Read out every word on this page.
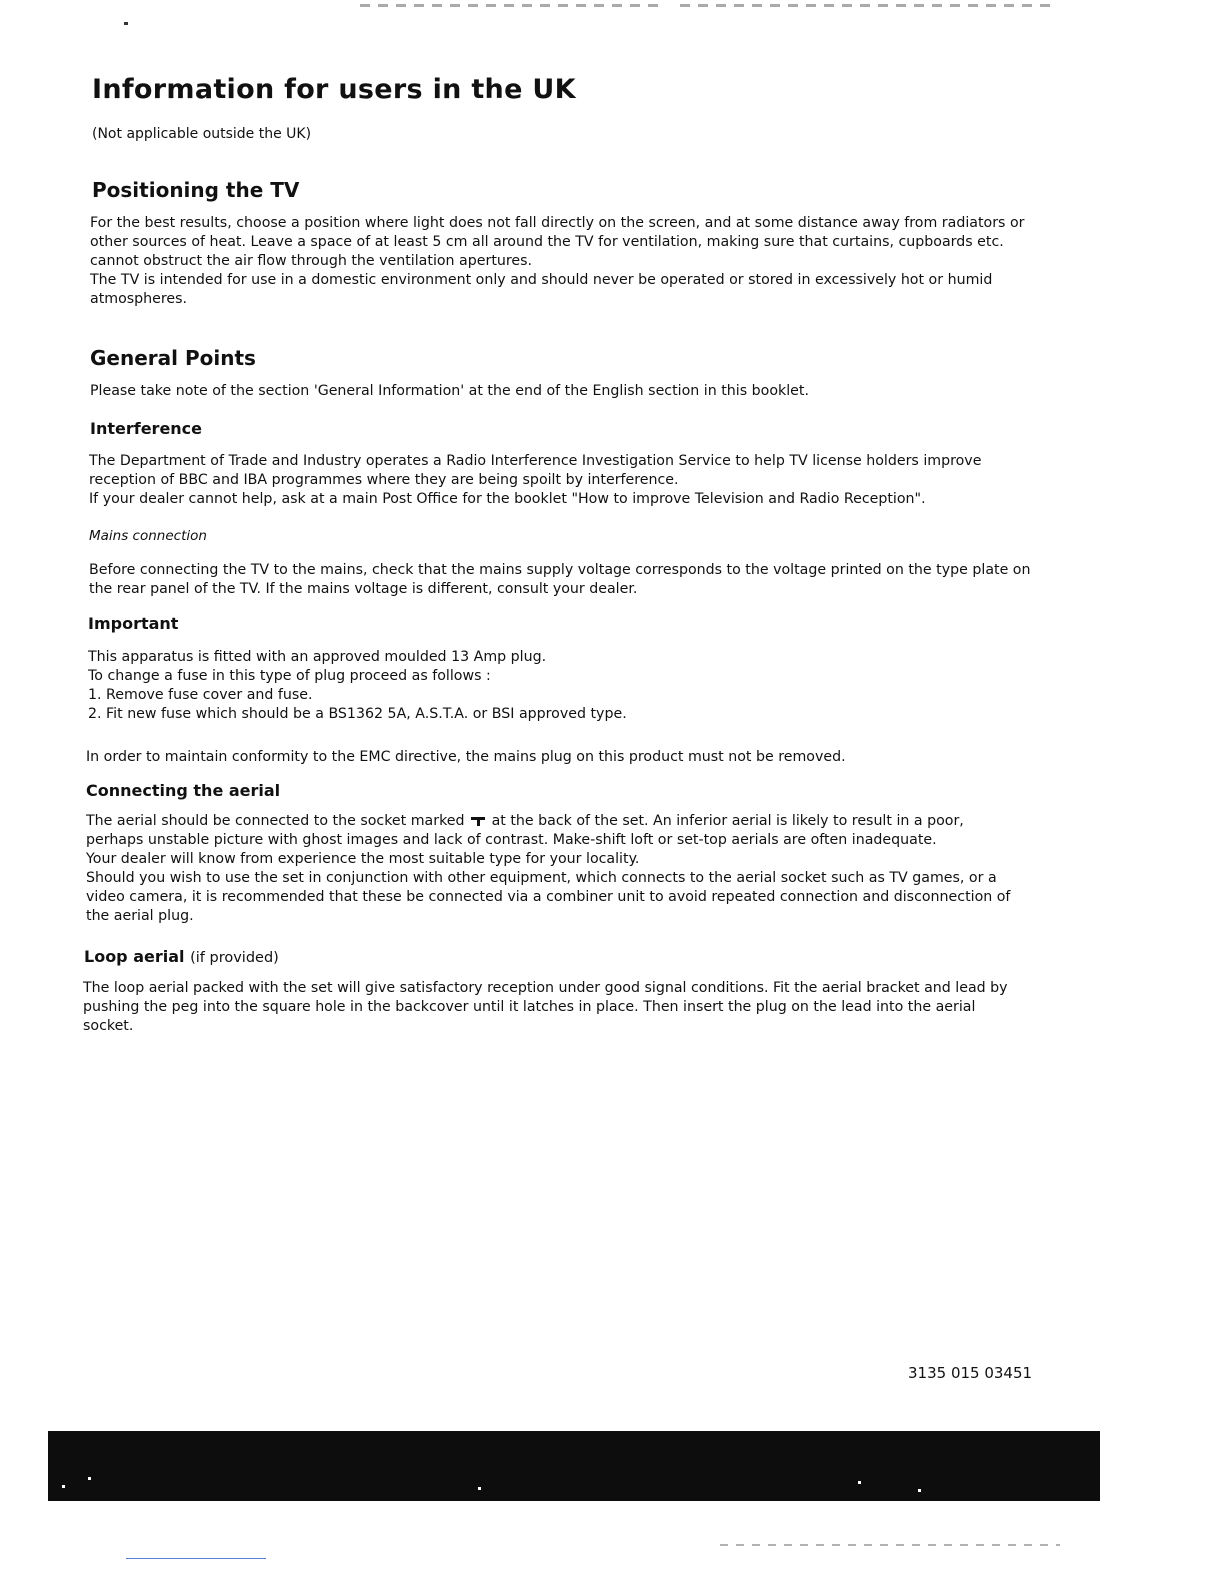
Information for users in the UK
(Not applicable outside the UK)
Positioning the TV
For the best results, choose a position where light does not fall directly on the screen, and at some distance away from radiators or
other sources of heat. Leave a space of at least 5 cm all around the TV for ventilation, making sure that curtains, cupboards etc.
cannot obstruct the air flow through the ventilation apertures.
The TV is intended for use in a domestic environment only and should never be operated or stored in excessively hot or humid
atmospheres.
General Points
Please take note of the section 'General Information' at the end of the English section in this booklet.
Interference
The Department of Trade and Industry operates a Radio Interference Investigation Service to help TV license holders improve
reception of BBC and IBA programmes where they are being spoilt by interference.
If your dealer cannot help, ask at a main Post Office for the booklet "How to improve Television and Radio Reception".
Mains connection
Before connecting the TV to the mains, check that the mains supply voltage corresponds to the voltage printed on the type plate on
the rear panel of the TV. If the mains voltage is different, consult your dealer.
Important
This apparatus is fitted with an approved moulded 13 Amp plug.
To change a fuse in this type of plug proceed as follows :
1. Remove fuse cover and fuse.
2. Fit new fuse which should be a BS1362 5A, A.S.T.A. or BSI approved type.
In order to maintain conformity to the EMC directive, the mains plug on this product must not be removed.
Connecting the aerial
The aerial should be connected to the socket marked at the back of the set. An inferior aerial is likely to result in a poor,
perhaps unstable picture with ghost images and lack of contrast. Make-shift loft or set-top aerials are often inadequate.
Your dealer will know from experience the most suitable type for your locality.
Should you wish to use the set in conjunction with other equipment, which connects to the aerial socket such as TV games, or a
video camera, it is recommended that these be connected via a combiner unit to avoid repeated connection and disconnection of
the aerial plug.
Loop aerial (if provided)
The loop aerial packed with the set will give satisfactory reception under good signal conditions. Fit the aerial bracket and lead by
pushing the peg into the square hole in the backcover until it latches in place. Then insert the plug on the lead into the aerial
socket.
3135 015 03451
